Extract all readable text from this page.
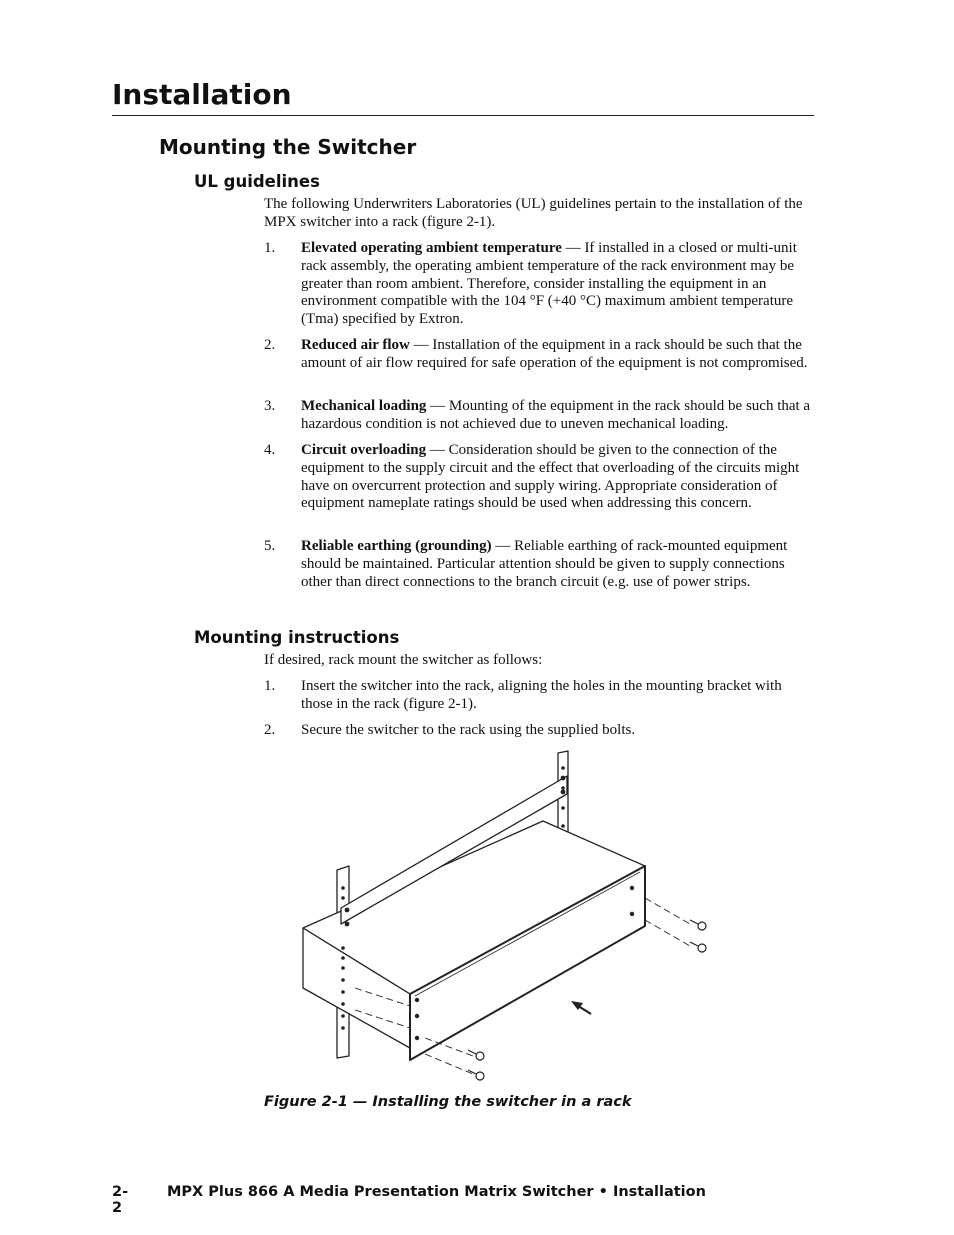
Installation
Mounting the Switcher
UL guidelines

The following Underwriters Laboratories (UL) guidelines pertain to the installation of the MPX switcher into a rack (figure 2-1).

1.	Elevated operating ambient temperature — If installed in a closed or multi-unit rack assembly, the operating ambient temperature of the rack environment may be greater than room ambient. Therefore, consider installing the equipment in an environment compatible with the 104 °F (+40 °C) maximum ambient temperature (Tma) specified by Extron.
2.	Reduced air flow — Installation of the equipment in a rack should be such that the amount of air flow required for safe operation of the equipment is not compromised.
3.	Mechanical loading — Mounting of the equipment in the rack should be such that a hazardous condition is not achieved due to uneven mechanical loading.
4.	Circuit overloading — Consideration should be given to the connection of the equipment to the supply circuit and the effect that overloading of the circuits might have on overcurrent protection and supply wiring. Appropriate consideration of equipment nameplate ratings should be used when addressing this concern.
5.	Reliable earthing (grounding) — Reliable earthing of rack-mounted equipment should be maintained. Particular attention should be given to supply connections other than direct connections to the branch circuit (e.g. use of power strips.
Mounting instructions

If desired, rack mount the switcher as follows:

1.	Insert the switcher into the rack, aligning the holes in the mounting bracket with those in the rack (figure 2-1).
2.	Secure the switcher to the rack using the supplied bolts.
Figure 2-1 — Installing the switcher in a rack
2-2
MPX Plus 866 A Media Presentation Matrix Switcher • Installation
